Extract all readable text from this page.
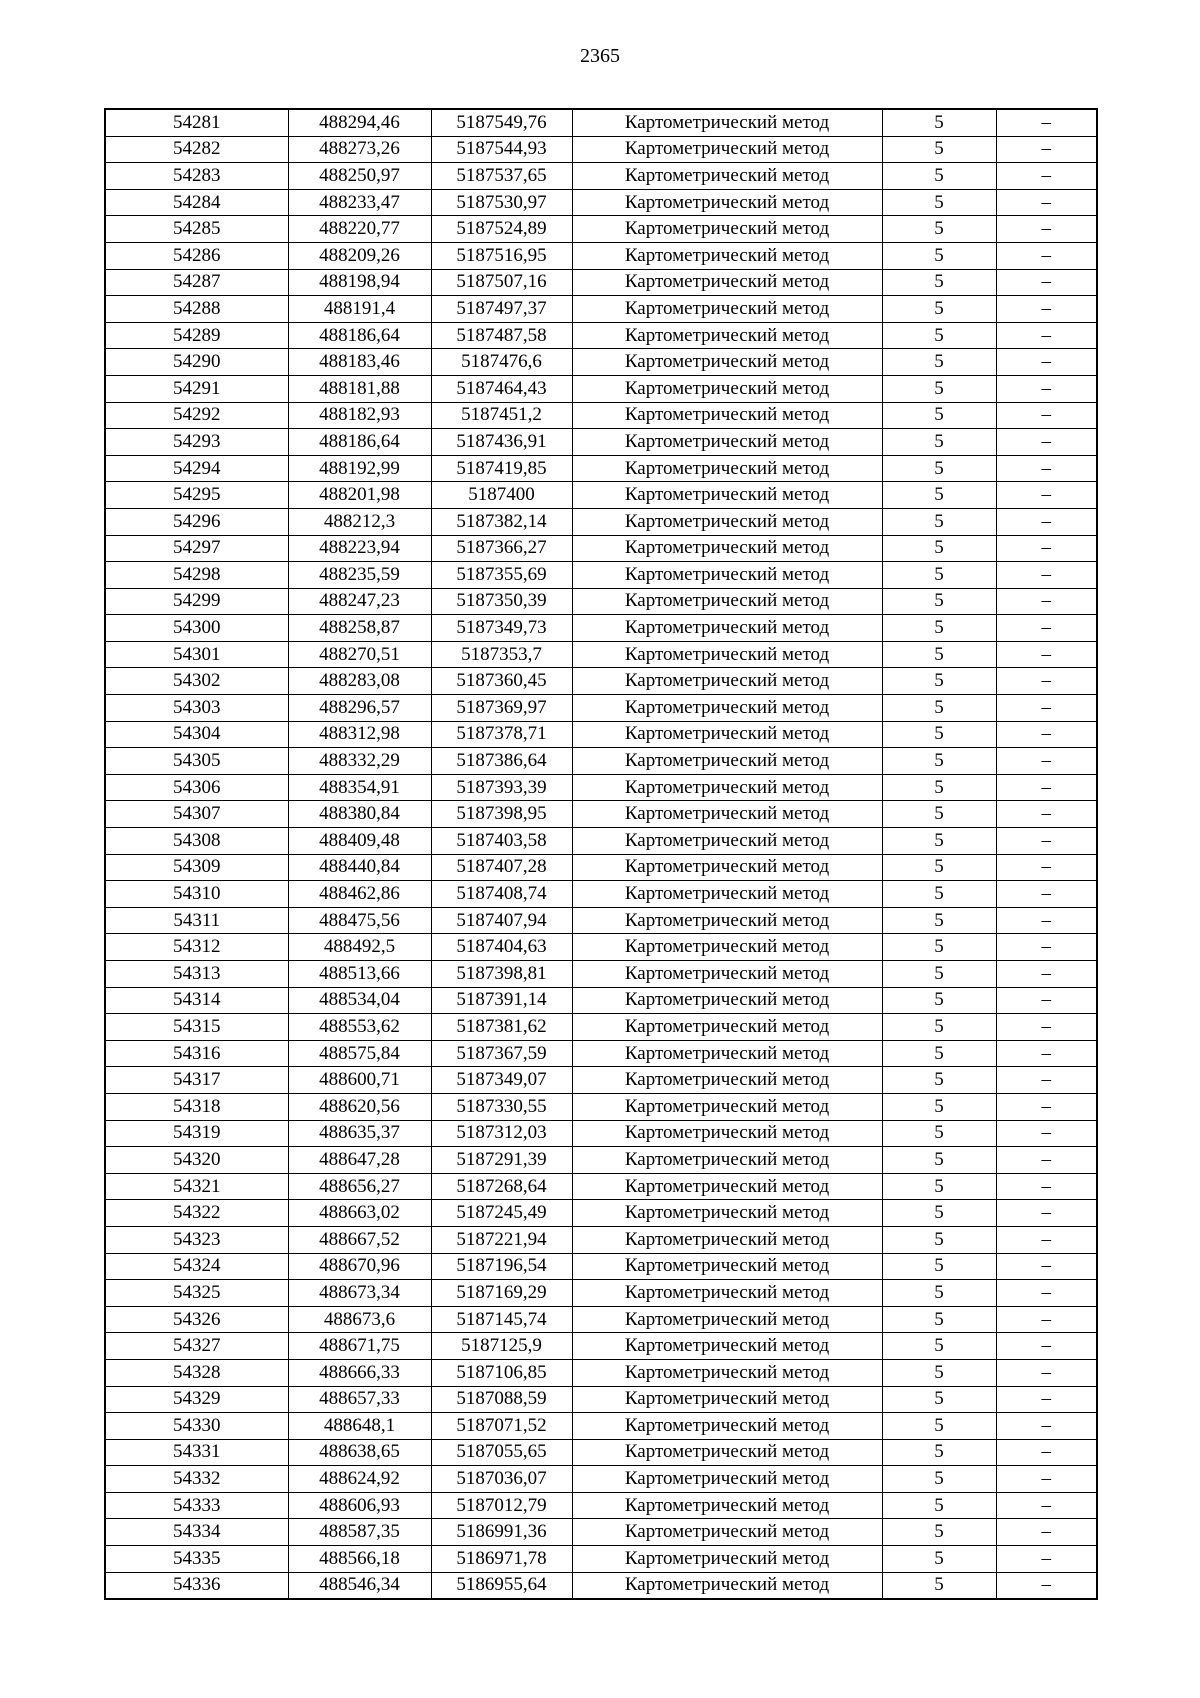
2365
54281	488294,46	5187549,76	Картометрический метод	5	–
54282	488273,26	5187544,93	Картометрический метод	5	–
54283	488250,97	5187537,65	Картометрический метод	5	–
54284	488233,47	5187530,97	Картометрический метод	5	–
54285	488220,77	5187524,89	Картометрический метод	5	–
54286	488209,26	5187516,95	Картометрический метод	5	–
54287	488198,94	5187507,16	Картометрический метод	5	–
54288	488191,4	5187497,37	Картометрический метод	5	–
54289	488186,64	5187487,58	Картометрический метод	5	–
54290	488183,46	5187476,6	Картометрический метод	5	–
54291	488181,88	5187464,43	Картометрический метод	5	–
54292	488182,93	5187451,2	Картометрический метод	5	–
54293	488186,64	5187436,91	Картометрический метод	5	–
54294	488192,99	5187419,85	Картометрический метод	5	–
54295	488201,98	5187400	Картометрический метод	5	–
54296	488212,3	5187382,14	Картометрический метод	5	–
54297	488223,94	5187366,27	Картометрический метод	5	–
54298	488235,59	5187355,69	Картометрический метод	5	–
54299	488247,23	5187350,39	Картометрический метод	5	–
54300	488258,87	5187349,73	Картометрический метод	5	–
54301	488270,51	5187353,7	Картометрический метод	5	–
54302	488283,08	5187360,45	Картометрический метод	5	–
54303	488296,57	5187369,97	Картометрический метод	5	–
54304	488312,98	5187378,71	Картометрический метод	5	–
54305	488332,29	5187386,64	Картометрический метод	5	–
54306	488354,91	5187393,39	Картометрический метод	5	–
54307	488380,84	5187398,95	Картометрический метод	5	–
54308	488409,48	5187403,58	Картометрический метод	5	–
54309	488440,84	5187407,28	Картометрический метод	5	–
54310	488462,86	5187408,74	Картометрический метод	5	–
54311	488475,56	5187407,94	Картометрический метод	5	–
54312	488492,5	5187404,63	Картометрический метод	5	–
54313	488513,66	5187398,81	Картометрический метод	5	–
54314	488534,04	5187391,14	Картометрический метод	5	–
54315	488553,62	5187381,62	Картометрический метод	5	–
54316	488575,84	5187367,59	Картометрический метод	5	–
54317	488600,71	5187349,07	Картометрический метод	5	–
54318	488620,56	5187330,55	Картометрический метод	5	–
54319	488635,37	5187312,03	Картометрический метод	5	–
54320	488647,28	5187291,39	Картометрический метод	5	–
54321	488656,27	5187268,64	Картометрический метод	5	–
54322	488663,02	5187245,49	Картометрический метод	5	–
54323	488667,52	5187221,94	Картометрический метод	5	–
54324	488670,96	5187196,54	Картометрический метод	5	–
54325	488673,34	5187169,29	Картометрический метод	5	–
54326	488673,6	5187145,74	Картометрический метод	5	–
54327	488671,75	5187125,9	Картометрический метод	5	–
54328	488666,33	5187106,85	Картометрический метод	5	–
54329	488657,33	5187088,59	Картометрический метод	5	–
54330	488648,1	5187071,52	Картометрический метод	5	–
54331	488638,65	5187055,65	Картометрический метод	5	–
54332	488624,92	5187036,07	Картометрический метод	5	–
54333	488606,93	5187012,79	Картометрический метод	5	–
54334	488587,35	5186991,36	Картометрический метод	5	–
54335	488566,18	5186971,78	Картометрический метод	5	–
54336	488546,34	5186955,64	Картометрический метод	5	–
